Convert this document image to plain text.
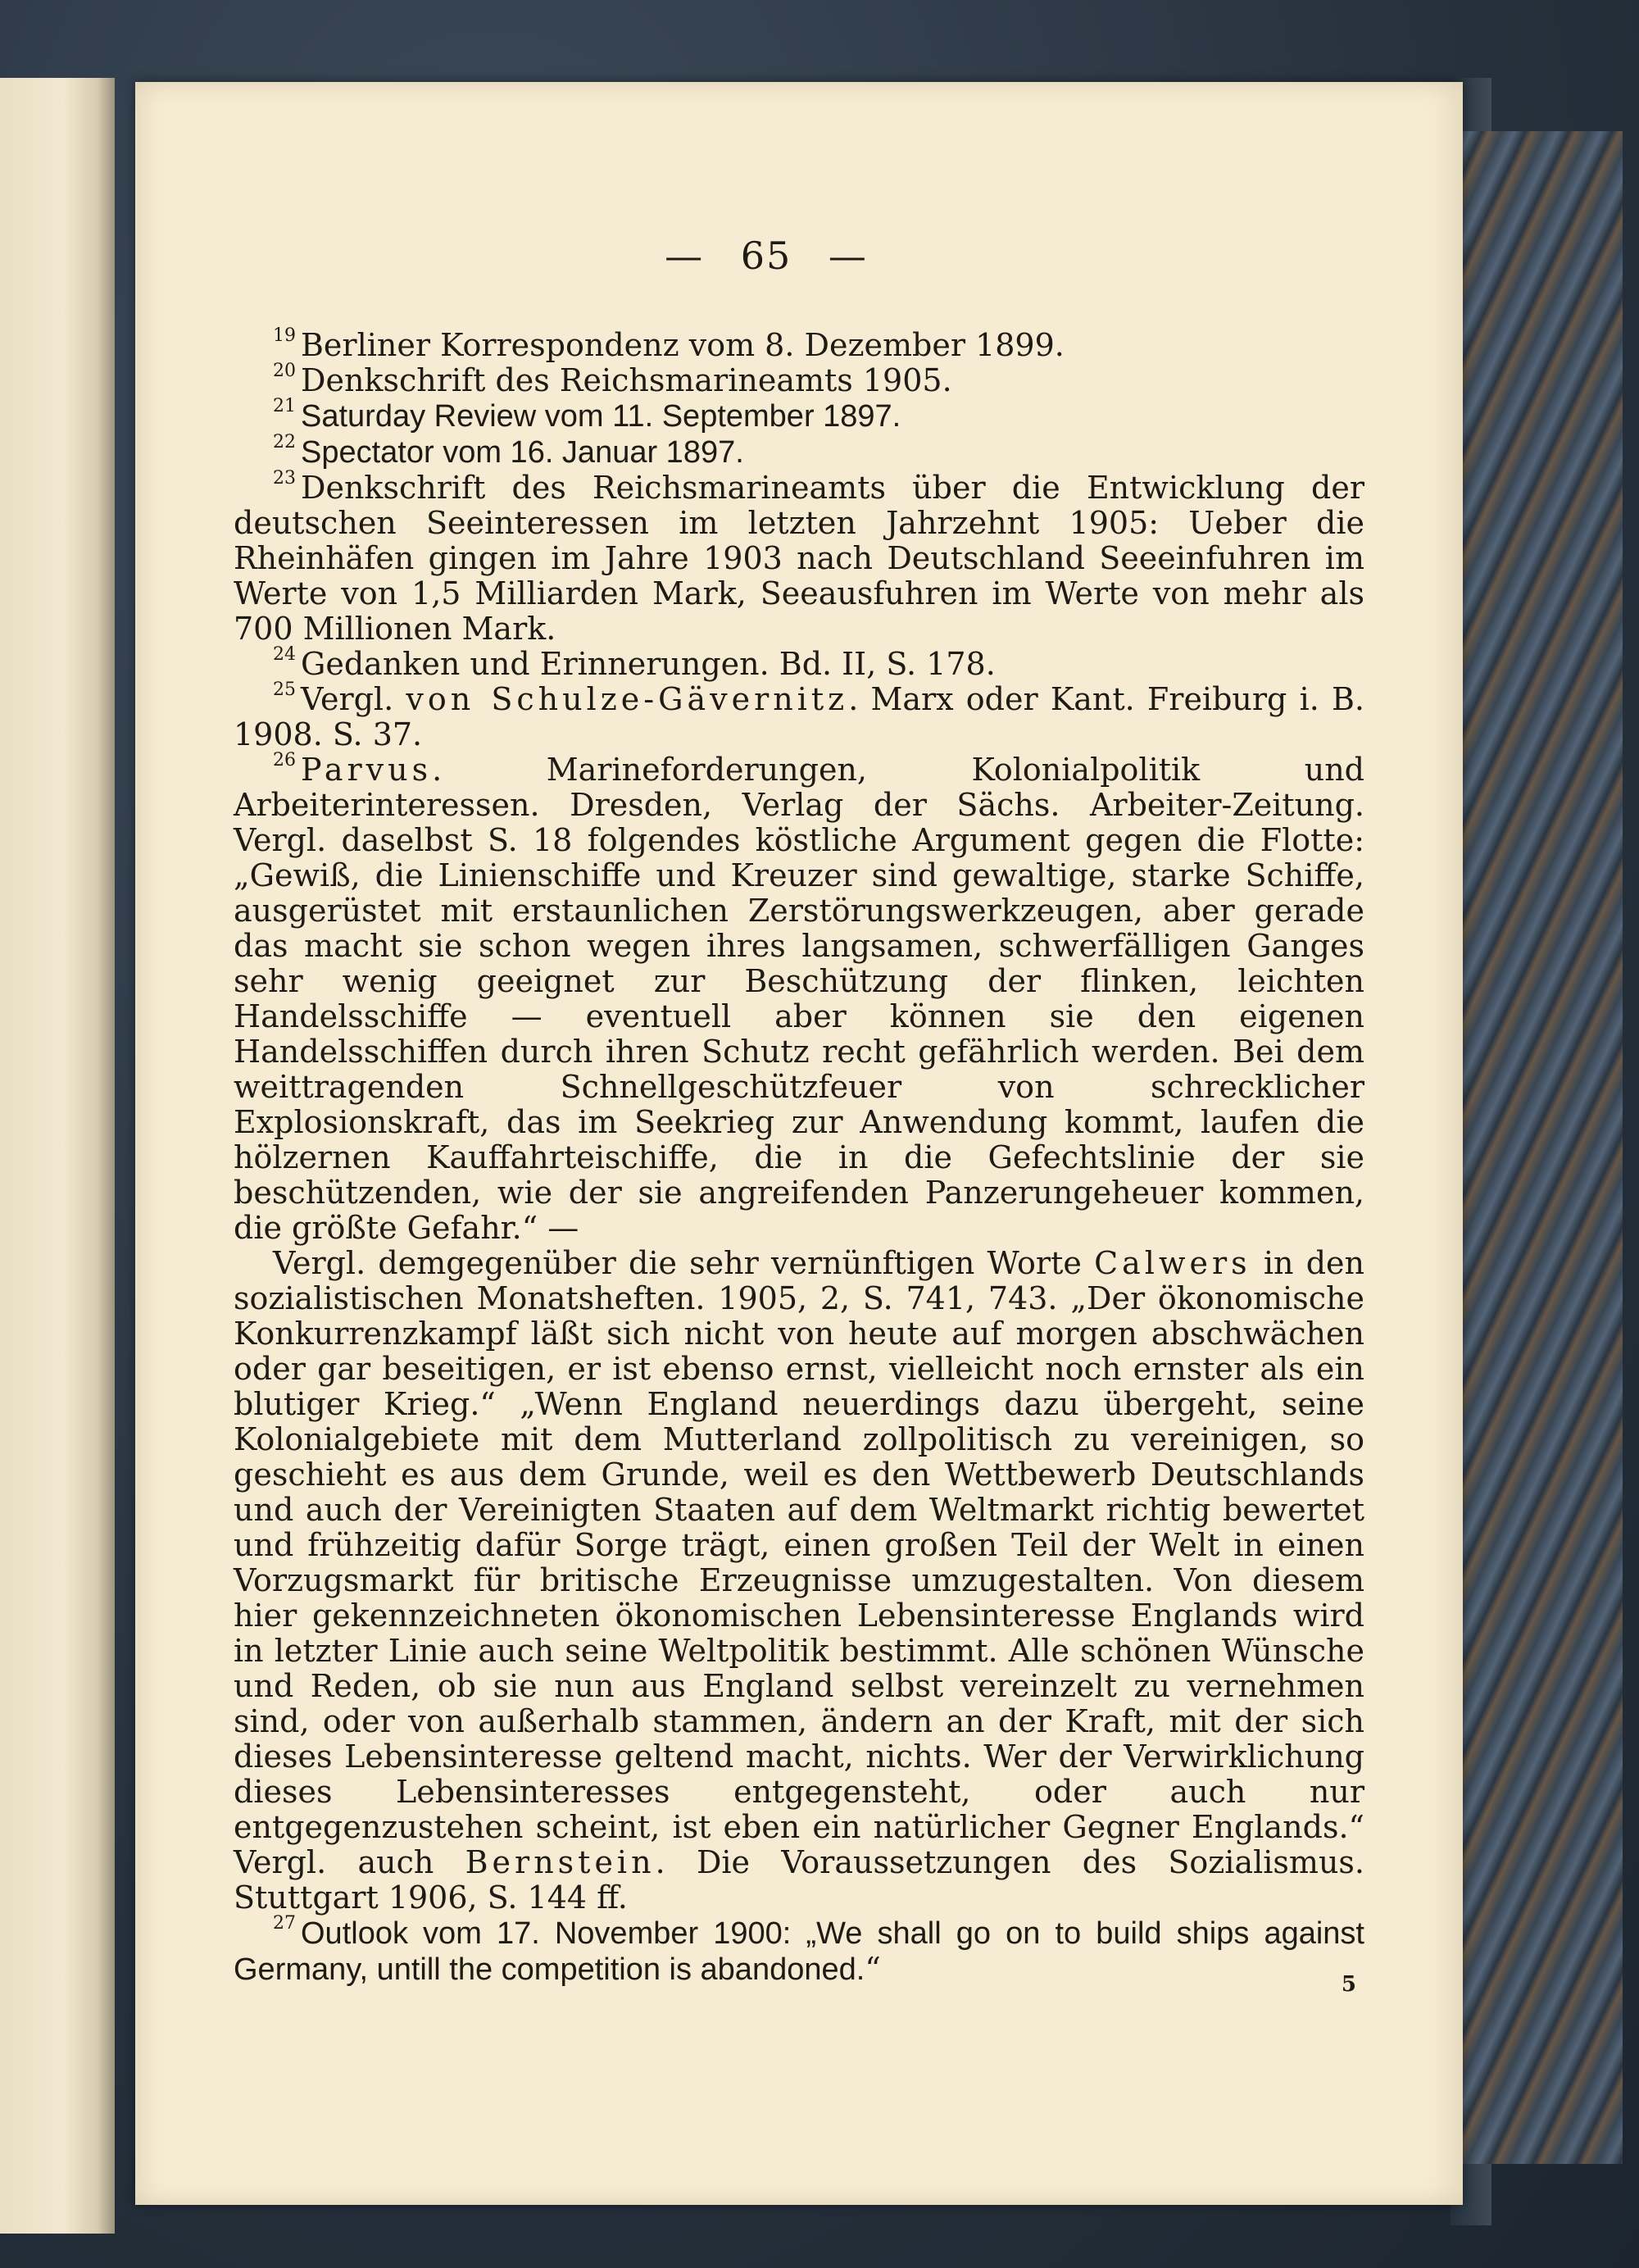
— 65 —

$^{19}$ Berliner Korrespondenz vom 8. Dezember 1899.

$^{20}$ Denkschrift des Reichsmarineamts 1905.

$^{21}$ Saturday Review vom 11. September 1897.

$^{22}$ Spectator vom 16. Januar 1897.

$^{23}$ Denkschrift des Reichsmarineamts über die Entwicklung der deutschen Seeinteressen im letzten Jahrzehnt 1905: Ueber die Rheinhäfen gingen im Jahre 1903 nach Deutschland Seeeinfuhren im Werte von 1,5 Milliarden Mark, Seeausfuhren im Werte von mehr als 700 Millionen Mark.

$^{24}$ Gedanken und Erinnerungen. Bd. II, S. 178.

$^{25}$ Vergl. von Schulze-Gävernitz. Marx oder Kant. Freiburg i. B. 1908. S. 37.

$^{26}$ Parvus. Marineforderungen, Kolonialpolitik und Arbeiterinteressen. Dresden, Verlag der Sächs. Arbeiter-Zeitung. Vergl. daselbst S. 18 folgendes köstliche Argument gegen die Flotte: „Gewiß, die Linienschiffe und Kreuzer sind gewaltige, starke Schiffe, ausgerüstet mit erstaunlichen Zerstörungswerkzeugen, aber gerade das macht sie schon wegen ihres langsamen, schwerfälligen Ganges sehr wenig geeignet zur Beschützung der flinken, leichten Handelsschiffe — eventuell aber können sie den eigenen Handelsschiffen durch ihren Schutz recht gefährlich werden. Bei dem weittragenden Schnellgeschützfeuer von schrecklicher Explosionskraft, das im Seekrieg zur Anwendung kommt, laufen die hölzernen Kauffahrteischiffe, die in die Gefechtslinie der sie beschützenden, wie der sie angreifenden Panzerungeheuer kommen, die größte Gefahr.“ —

Vergl. demgegenüber die sehr vernünftigen Worte Calwers in den sozialistischen Monatsheften. 1905, 2, S. 741, 743. „Der ökonomische Konkurrenzkampf läßt sich nicht von heute auf morgen abschwächen oder gar beseitigen, er ist ebenso ernst, vielleicht noch ernster als ein blutiger Krieg.“ „Wenn England neuerdings dazu übergeht, seine Kolonialgebiete mit dem Mutterland zollpolitisch zu vereinigen, so geschieht es aus dem Grunde, weil es den Wettbewerb Deutschlands und auch der Vereinigten Staaten auf dem Weltmarkt richtig bewertet und frühzeitig dafür Sorge trägt, einen großen Teil der Welt in einen Vorzugsmarkt für britische Erzeugnisse umzugestalten. Von diesem hier gekennzeichneten ökonomischen Lebensinteresse Englands wird in letzter Linie auch seine Weltpolitik bestimmt. Alle schönen Wünsche und Reden, ob sie nun aus England selbst vereinzelt zu vernehmen sind, oder von außerhalb stammen, ändern an der Kraft, mit der sich dieses Lebensinteresse geltend macht, nichts. Wer der Verwirklichung dieses Lebensinteresses entgegensteht, oder auch nur entgegenzustehen scheint, ist eben ein natürlicher Gegner Englands.“ Vergl. auch Bernstein. Die Voraussetzungen des Sozialismus. Stuttgart 1906, S. 144 ff.

$^{27}$ Outlook vom 17. November 1900: „We shall go on to build ships against Germany, untill the competition is abandoned.“	5
